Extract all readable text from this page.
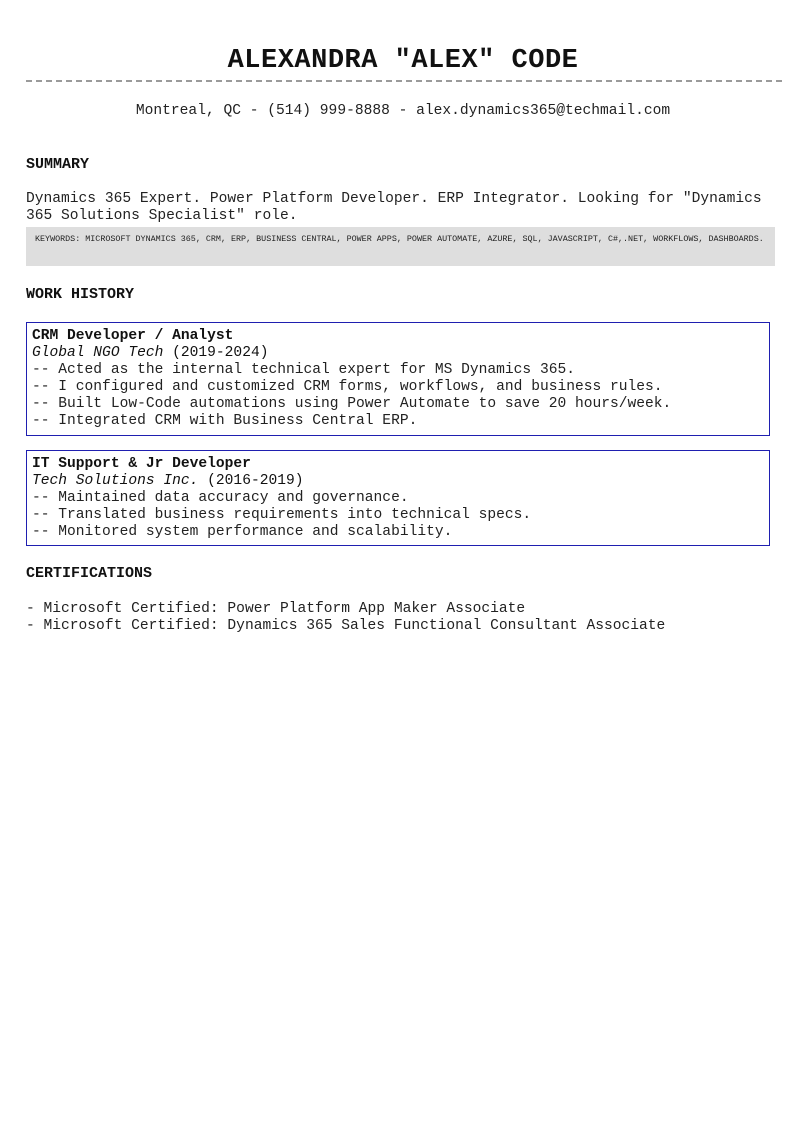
ALEXANDRA "ALEX" CODE
Montreal, QC - (514) 999-8888 - alex.dynamics365@techmail.com
SUMMARY
Dynamics 365 Expert. Power Platform Developer. ERP Integrator. Looking for "Dynamics 365 Solutions Specialist" role.
KEYWORDS: MICROSOFT DYNAMICS 365, CRM, ERP, BUSINESS CENTRAL, POWER APPS, POWER AUTOMATE, AZURE, SQL, JAVASCRIPT, C#,.NET, WORKFLOWS, DASHBOARDS.
WORK HISTORY
CRM Developer / Analyst
Global NGO Tech (2019-2024)
-- Acted as the internal technical expert for MS Dynamics 365.
-- I configured and customized CRM forms, workflows, and business rules.
-- Built Low-Code automations using Power Automate to save 20 hours/week.
-- Integrated CRM with Business Central ERP.
IT Support & Jr Developer
Tech Solutions Inc. (2016-2019)
-- Maintained data accuracy and governance.
-- Translated business requirements into technical specs.
-- Monitored system performance and scalability.
CERTIFICATIONS
- Microsoft Certified: Power Platform App Maker Associate
- Microsoft Certified: Dynamics 365 Sales Functional Consultant Associate
